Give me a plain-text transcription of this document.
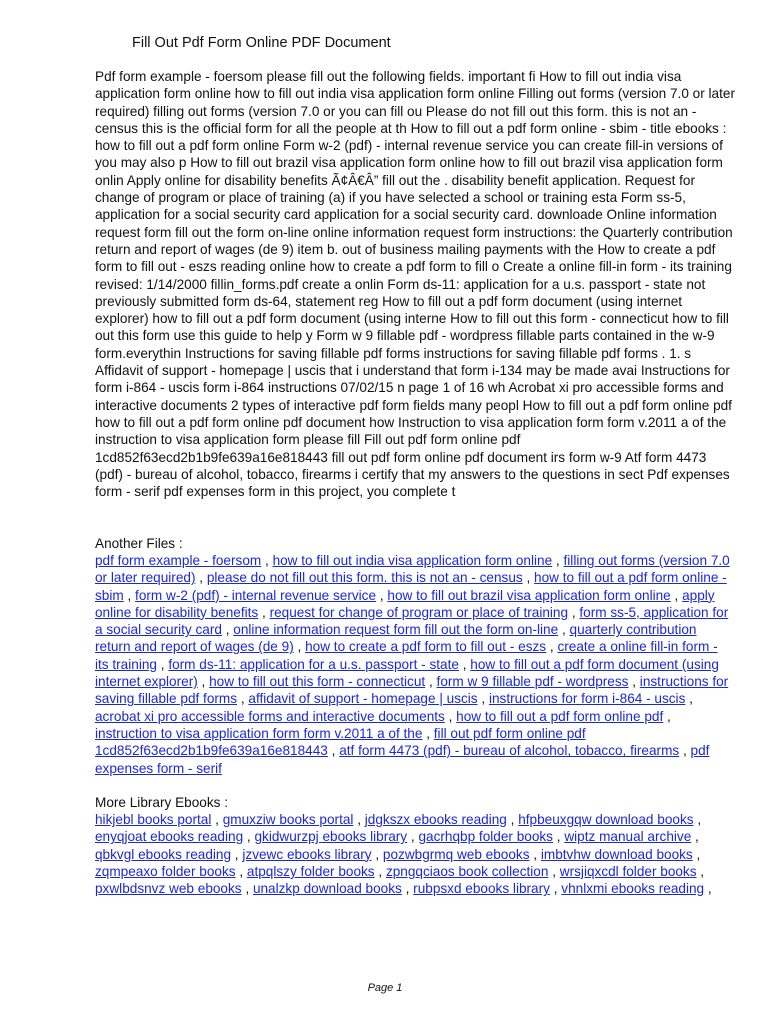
Fill Out Pdf Form Online PDF Document
Pdf form example - foersom please fill out the following fields. important fi How to fill out india visa application form online how to fill out india visa application form online Filling out forms (version 7.0 or later required) filling out forms (version 7.0 or you can fill ou Please do not fill out this form. this is not an - census this is the official form for all the people at th How to fill out a pdf form online - sbim - title ebooks : how to fill out a pdf form online Form w-2 (pdf) - internal revenue service you can create fill-in versions of you may also p How to fill out brazil visa application form online how to fill out brazil visa application form onlin Apply online for disability benefits Ã¢Â€Â” fill out the . disability benefit application. Request for change of program or place of training (a) if you have selected a school or training esta Form ss-5, application for a social security card application for a social security card. downloade Online information request form fill out the form on-line online information request form instructions: the Quarterly contribution return and report of wages (de 9) item b. out of business mailing payments with the How to create a pdf form to fill out - eszs reading online how to create a pdf form to fill o Create a online fill-in form - its training revised: 1/14/2000 fillin_forms.pdf create a onlin Form ds-11: application for a u.s. passport - state not previously submitted form ds-64, statement reg How to fill out a pdf form document (using internet explorer) how to fill out a pdf form document (using interne How to fill out this form - connecticut how to fill out this form use this guide to help y Form w 9 fillable pdf - wordpress fillable parts contained in the w-9 form.everythin Instructions for saving fillable pdf forms instructions for saving fillable pdf forms . 1. s Affidavit of support - homepage | uscis that i understand that form i-134 may be made avai Instructions for form i-864 - uscis form i-864 instructions 07/02/15 n page 1 of 16 wh Acrobat xi pro accessible forms and interactive documents 2 types of interactive pdf form fields many peopl How to fill out a pdf form online pdf how to fill out a pdf form online pdf document how Instruction to visa application form form v.2011 a of the instruction to visa application form please fill Fill out pdf form online pdf 1cd852f63ecd2b1b9fe639a16e818443 fill out pdf form online pdf document irs form w-9 Atf form 4473 (pdf) - bureau of alcohol, tobacco, firearms i certify that my answers to the questions in sect Pdf expenses form - serif pdf expenses form in this project, you complete t
Another Files :
pdf form example - foersom , how to fill out india visa application form online , filling out forms (version 7.0 or later required) , please do not fill out this form. this is not an - census , how to fill out a pdf form online - sbim , form w-2 (pdf) - internal revenue service , how to fill out brazil visa application form online , apply online for disability benefits , request for change of program or place of training , form ss-5, application for a social security card , online information request form fill out the form on-line , quarterly contribution return and report of wages (de 9) , how to create a pdf form to fill out - eszs , create a online fill-in form - its training , form ds-11: application for a u.s. passport - state , how to fill out a pdf form document (using internet explorer) , how to fill out this form - connecticut , form w 9 fillable pdf - wordpress , instructions for saving fillable pdf forms , affidavit of support - homepage | uscis , instructions for form i-864 - uscis , acrobat xi pro accessible forms and interactive documents , how to fill out a pdf form online pdf , instruction to visa application form form v.2011 a of the , fill out pdf form online pdf 1cd852f63ecd2b1b9fe639a16e818443 , atf form 4473 (pdf) - bureau of alcohol, tobacco, firearms , pdf expenses form - serif
More Library Ebooks :
hikjebl books portal , gmuxziw books portal , jdgkszx ebooks reading , hfpbeuxgqw download books , enyqjoat ebooks reading , gkidwurzpj ebooks library , gacrhqbp folder books , wiptz manual archive , qbkvgl ebooks reading , jzvewc ebooks library , pozwbgrmq web ebooks , imbtvhw download books , zqmpeaxo folder books , atpqlszy folder books , zpngqciaos book collection , wrsjiqxcdl folder books , pxwlbdsnvz web ebooks , unalzkp download books , rubpsxd ebooks library , vhnlxmi ebooks reading ,
Page 1
